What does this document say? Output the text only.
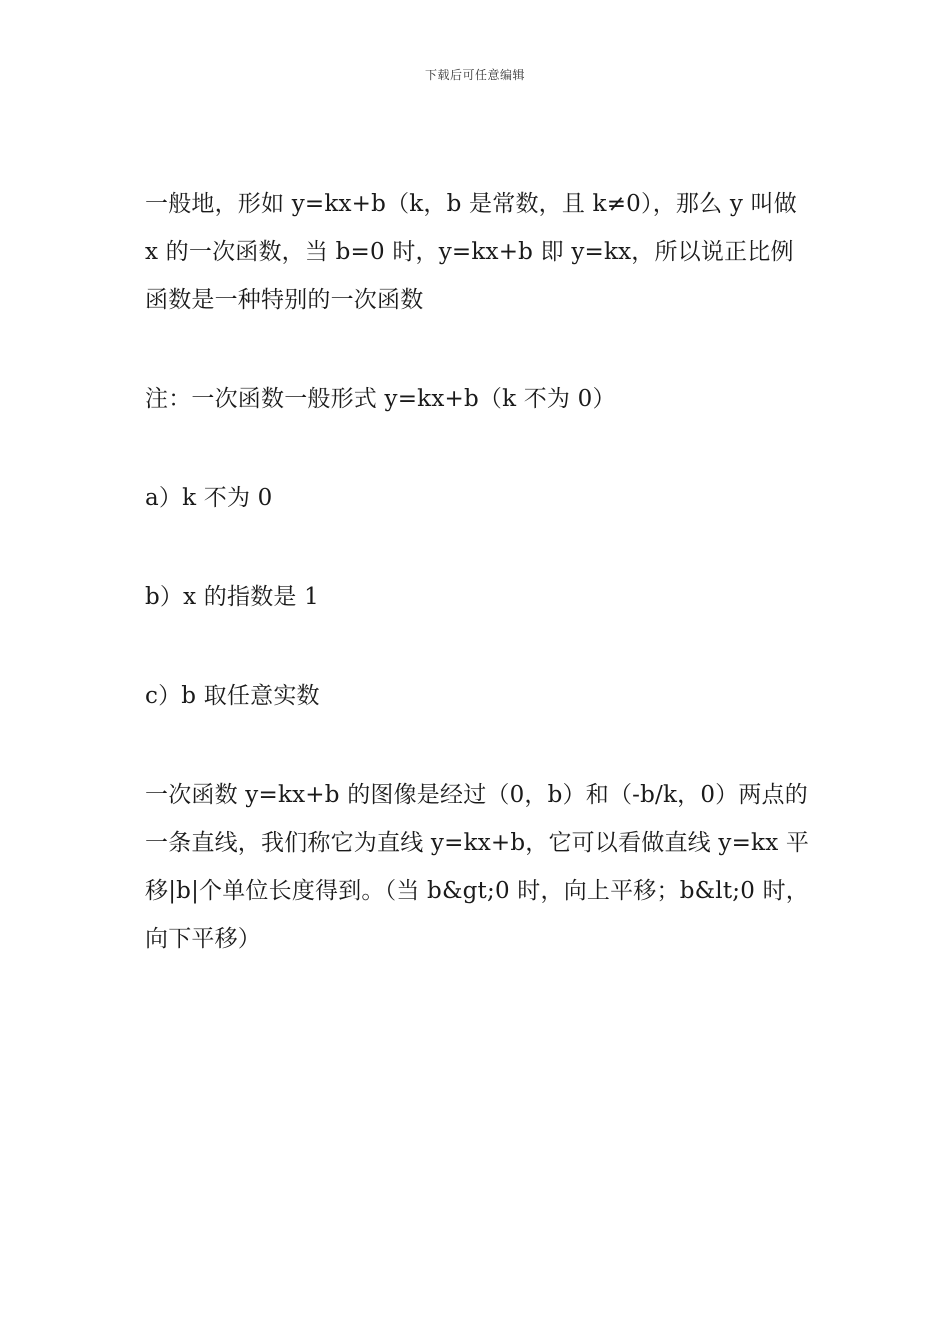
下载后可任意编辑

一般地，形如 y=kx+b（k，b 是常数，且 k≠0），那么 y 叫做 x 的一次函数，当 b=0 时，y=kx+b 即 y=kx，所以说正比例函数是一种特别的一次函数

注：一次函数一般形式 y=kx+b（k 不为 0）

a）k 不为 0

b）x 的指数是 1

c）b 取任意实数

一次函数 y=kx+b 的图像是经过（0，b）和（-b/k，0）两点的一条直线，我们称它为直线 y=kx+b，它可以看做直线 y=kx 平移|b|个单位长度得到。（当 b&gt;0 时，向上平移；b&lt;0 时，向下平移）
